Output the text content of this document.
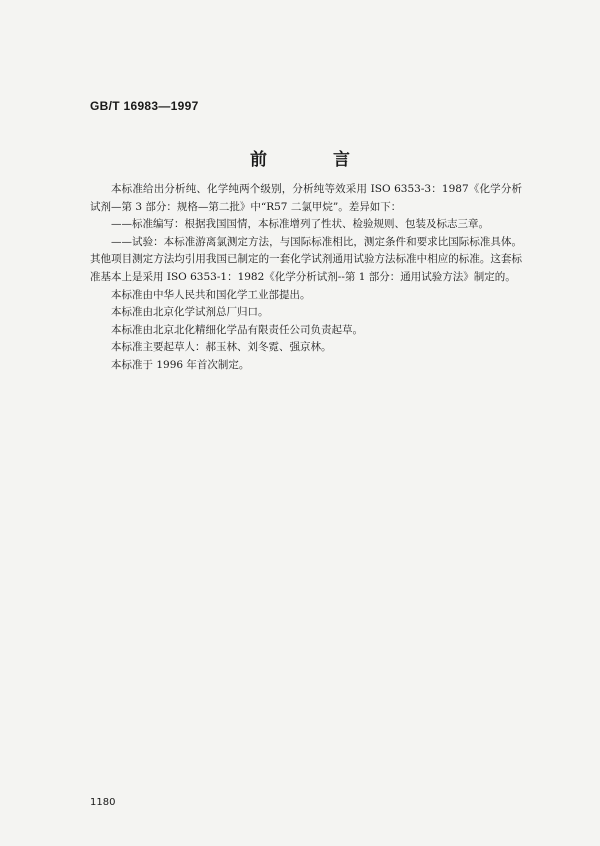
GB/T 16983—1997
前 言

本标准给出分析纯、化学纯两个级别，分析纯等效采用 ISO 6353-3：1987《化学分析试剂—第 3 部分：规格—第二批》中“R57 二氯甲烷”。差异如下：

——标准编写：根据我国国情，本标准增列了性状、检验规则、包装及标志三章。

——试验：本标准游离氯测定方法，与国际标准相比，测定条件和要求比国际标准具体。其他项目测定方法均引用我国已制定的一套化学试剂通用试验方法标准中相应的标准。这套标准基本上是采用 ISO 6353-1：1982《化学分析试剂--第 1 部分：通用试验方法》制定的。

本标准由中华人民共和国化学工业部提出。

本标准由北京化学试剂总厂归口。

本标准由北京北化精细化学品有限责任公司负责起草。

本标准主要起草人：郝玉林、刘冬霓、强京林。

本标准于 1996 年首次制定。

1180
